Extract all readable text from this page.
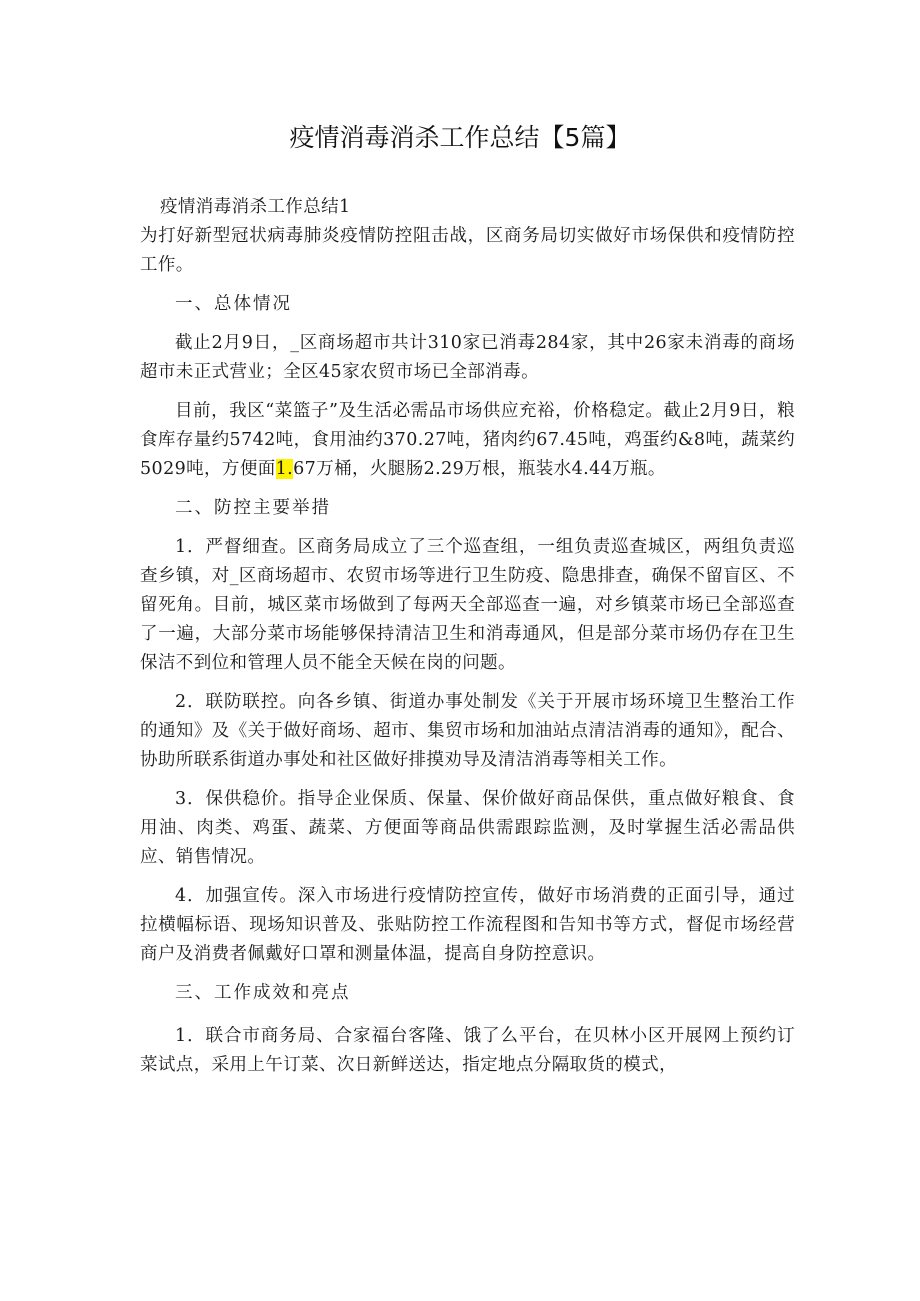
疫情消毒消杀工作总结【5篇】

疫情消毒消杀工作总结1

为打好新型冠状病毒肺炎疫情防控阻击战，区商务局切实做好市场保供和疫情防控工作。

一、总体情况

截止2月9日，_区商场超市共计310家已消毒284家，其中26家未消毒的商场超市未正式营业；全区45家农贸市场已全部消毒。

目前，我区“菜篮子”及生活必需品市场供应充裕，价格稳定。截止2月9日，粮食库存量约5742吨，食用油约370.27吨，猪肉约67.45吨，鸡蛋约&8吨，蔬菜约5029吨，方便面1.67万桶，火腿肠2.29万根，瓶装水4.44万瓶。

二、防控主要举措

1．严督细查。区商务局成立了三个巡查组，一组负责巡查城区，两组负责巡查乡镇，对_区商场超市、农贸市场等进行卫生防疫、隐患排查，确保不留盲区、不留死角。目前，城区菜市场做到了每两天全部巡查一遍，对乡镇菜市场已全部巡查了一遍，大部分菜市场能够保持清洁卫生和消毒通风，但是部分菜市场仍存在卫生保洁不到位和管理人员不能全天候在岗的问题。

2．联防联控。向各乡镇、街道办事处制发《关于开展市场环境卫生整治工作的通知》及《关于做好商场、超市、集贸市场和加油站点清洁消毒的通知》，配合、协助所联系街道办事处和社区做好排摸劝导及清洁消毒等相关工作。

3．保供稳价。指导企业保质、保量、保价做好商品保供，重点做好粮食、食用油、肉类、鸡蛋、蔬菜、方便面等商品供需跟踪监测，及时掌握生活必需品供应、销售情况。

4．加强宣传。深入市场进行疫情防控宣传，做好市场消费的正面引导，通过拉横幅标语、现场知识普及、张贴防控工作流程图和告知书等方式，督促市场经营商户及消费者佩戴好口罩和测量体温，提高自身防控意识。

三、工作成效和亮点

1．联合市商务局、合家福台客隆、饿了么平台，在贝林小区开展网上预约订菜试点，采用上午订菜、次日新鲜送达，指定地点分隔取货的模式，
